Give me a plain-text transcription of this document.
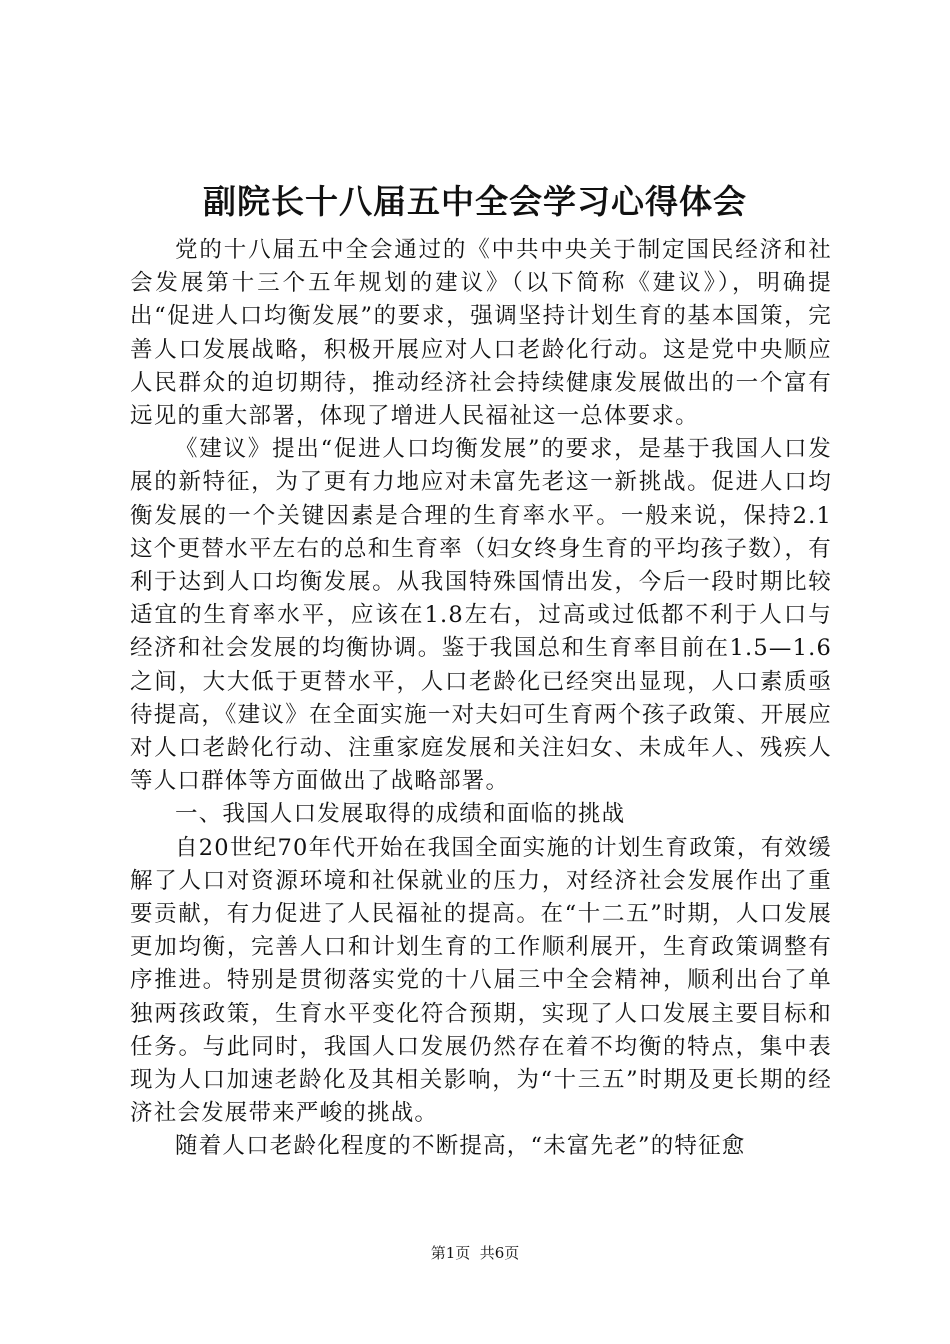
副院长十八届五中全会学习心得体会

党的十八届五中全会通过的《中共中央关于制定国民经济和社会发展第十三个五年规划的建议》（以下简称《建议》），明确提出“促进人口均衡发展”的要求，强调坚持计划生育的基本国策，完善人口发展战略，积极开展应对人口老龄化行动。这是党中央顺应人民群众的迫切期待，推动经济社会持续健康发展做出的一个富有远见的重大部署，体现了增进人民福祉这一总体要求。

《建议》提出“促进人口均衡发展”的要求，是基于我国人口发展的新特征，为了更有力地应对未富先老这一新挑战。促进人口均衡发展的一个关键因素是合理的生育率水平。一般来说，保持2.1这个更替水平左右的总和生育率（妇女终身生育的平均孩子数），有利于达到人口均衡发展。从我国特殊国情出发，今后一段时期比较适宜的生育率水平，应该在1.8左右，过高或过低都不利于人口与经济和社会发展的均衡协调。鉴于我国总和生育率目前在1.5—1.6之间，大大低于更替水平，人口老龄化已经突出显现，人口素质亟待提高，《建议》在全面实施一对夫妇可生育两个孩子政策、开展应对人口老龄化行动、注重家庭发展和关注妇女、未成年人、残疾人等人口群体等方面做出了战略部署。

一、我国人口发展取得的成绩和面临的挑战

自20世纪70年代开始在我国全面实施的计划生育政策，有效缓解了人口对资源环境和社保就业的压力，对经济社会发展作出了重要贡献，有力促进了人民福祉的提高。在“十二五”时期，人口发展更加均衡，完善人口和计划生育的工作顺利展开，生育政策调整有序推进。特别是贯彻落实党的十八届三中全会精神，顺利出台了单独两孩政策，生育水平变化符合预期，实现了人口发展主要目标和任务。与此同时，我国人口发展仍然存在着不均衡的特点，集中表现为人口加速老龄化及其相关影响，为“十三五”时期及更长期的经济社会发展带来严峻的挑战。

随着人口老龄化程度的不断提高，“未富先老”的特征愈

第1页  共6页
